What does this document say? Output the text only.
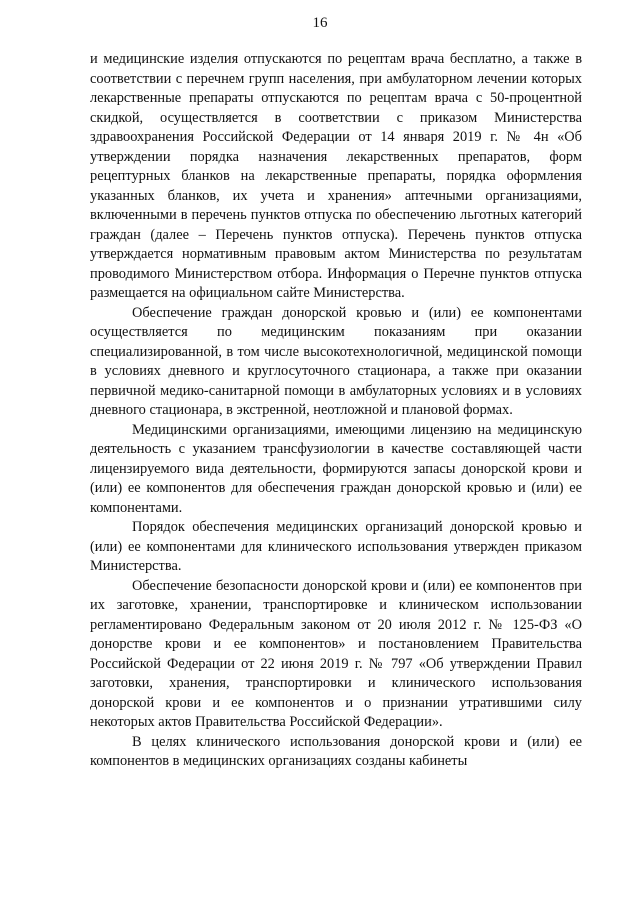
16

и медицинские изделия отпускаются по рецептам врача бесплатно, а также в соответствии с перечнем групп населения, при амбулаторном лечении которых лекарственные препараты отпускаются по рецептам врача с 50-процентной скидкой, осуществляется в соответствии с приказом Министерства здравоохранения Российской Федерации от 14 января 2019 г. № 4н «Об утверждении порядка назначения лекарственных препаратов, форм рецептурных бланков на лекарственные препараты, порядка оформления указанных бланков, их учета и хранения» аптечными организациями, включенными в перечень пунктов отпуска по обеспечению льготных категорий граждан (далее – Перечень пунктов отпуска). Перечень пунктов отпуска утверждается нормативным правовым актом Министерства по результатам проводимого Министерством отбора. Информация о Перечне пунктов отпуска размещается на официальном сайте Министерства.

Обеспечение граждан донорской кровью и (или) ее компонентами осуществляется по медицинским показаниям при оказании специализированной, в том числе высокотехнологичной, медицинской помощи в условиях дневного и круглосуточного стационара, а также при оказании первичной медико-санитарной помощи в амбулаторных условиях и в условиях дневного стационара, в экстренной, неотложной и плановой формах.

Медицинскими организациями, имеющими лицензию на медицинскую деятельность с указанием трансфузиологии в качестве составляющей части лицензируемого вида деятельности, формируются запасы донорской крови и (или) ее компонентов для обеспечения граждан донорской кровью и (или) ее компонентами.

Порядок обеспечения медицинских организаций донорской кровью и (или) ее компонентами для клинического использования утвержден приказом Министерства.

Обеспечение безопасности донорской крови и (или) ее компонентов при их заготовке, хранении, транспортировке и клиническом использовании регламентировано Федеральным законом от 20 июля 2012 г. № 125-ФЗ «О донорстве крови и ее компонентов» и постановлением Правительства Российской Федерации от 22 июня 2019 г. № 797 «Об утверждении Правил заготовки, хранения, транспортировки и клинического использования донорской крови и ее компонентов и о признании утратившими силу некоторых актов Правительства Российской Федерации».

В целях клинического использования донорской крови и (или) ее компонентов в медицинских организациях созданы кабинеты
